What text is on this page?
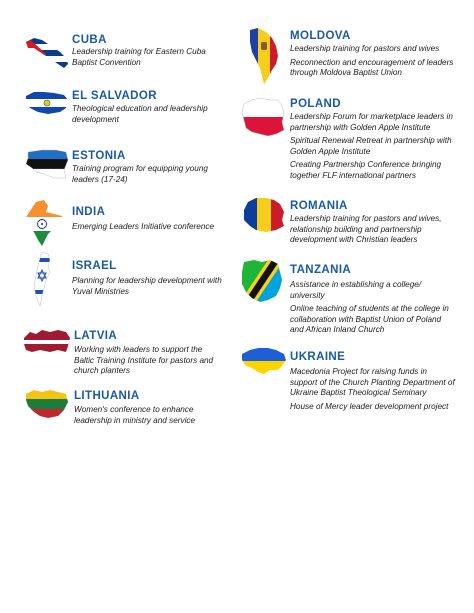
CUBA

Leadership training for Eastern Cuba Baptist Convention

EL SALVADOR

Theological education and leadership development

ESTONIA

Training program for equipping young leaders (17-24)

INDIA

Emerging Leaders Initiative conference

ISRAEL

Planning for leadership development with Yuval Ministries

LATVIA

Working with leaders to support the Baltic Training Institute for pastors and church planters

LITHUANIA

Women's conference to enhance leadership in ministry and service

MOLDOVA

Leadership training for pastors and wives

Reconnection and encouragement of leaders through Moldova Baptist Union

POLAND

Leadership Forum for marketplace leaders in partnership with Golden Apple Institute

Spiritual Renewal Retreat in partnership with Golden Apple Institute

Creating Partnership Conference bringing together FLF international partners

ROMANIA

Leadership training for pastors and wives, relationship building and partnership development with Christian leaders

TANZANIA

Assistance in establishing a college/ university

Online teaching of students at the college in collaboration with Baptist Union of Poland and African Inland Church

UKRAINE

Macedonia Project for raising funds in support of the Church Planting Department of Ukraine Baptist Theological Seminary

House of Mercy leader development project
